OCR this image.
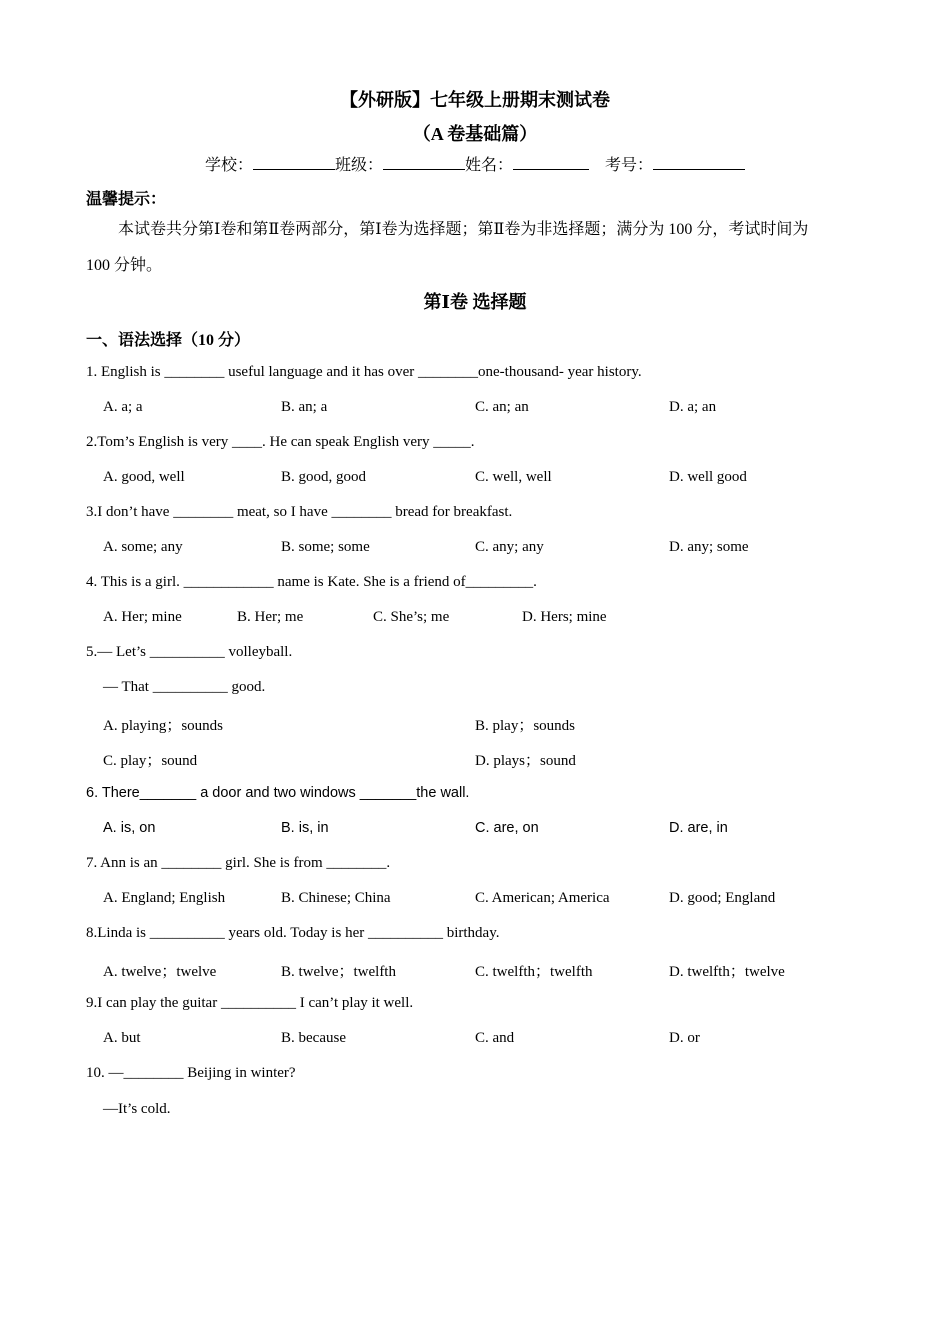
【外研版】七年级上册期末测试卷
（A 卷基础篇）
学校：	班级：	姓名：	考号：
温馨提示：
本试卷共分第Ⅰ卷和第Ⅱ卷两部分，第Ⅰ卷为选择题；第Ⅱ卷为非选择题；满分为 100 分，考试时间为
100 分钟。
第Ⅰ卷 选择题
一、语法选择（10 分）
1. English is ________ useful language and it has over ________one-thousand- year history.
A. a; a	B. an; a	C. an; an	D. a; an
2.Tom’s English is very ____. He can speak English very _____.
A. good, well	B. good, good	C. well, well	D. well good
3.I don’t have ________ meat, so I have ________ bread for breakfast.
A. some; any	B. some; some	C. any; any	D. any; some
4. This is a girl. ____________ name is Kate. She is a friend of_________.
A. Her; mine	B. Her; me	C. She’s; me	D. Hers; mine
5.— Let’s __________ volleyball.
— That __________ good.
A. playing；sounds	B. play；sounds
C. play；sound	D. plays；sound
6. There_______ a door and two windows _______the wall.
A. is, on	B. is, in	C. are, on	D. are, in
7. Ann is an ________ girl. She is from ________.
A. England; English	B. Chinese; China	C. American; America	D. good; England
8.Linda is __________ years old. Today is her __________ birthday.
A. twelve；twelve	B. twelve；twelfth	C. twelfth；twelfth	D. twelfth；twelve
9.I can play the guitar __________ I can’t play it well.
A. but	B. because	C. and	D. or
10. —________ Beijing in winter?
—It’s cold.
